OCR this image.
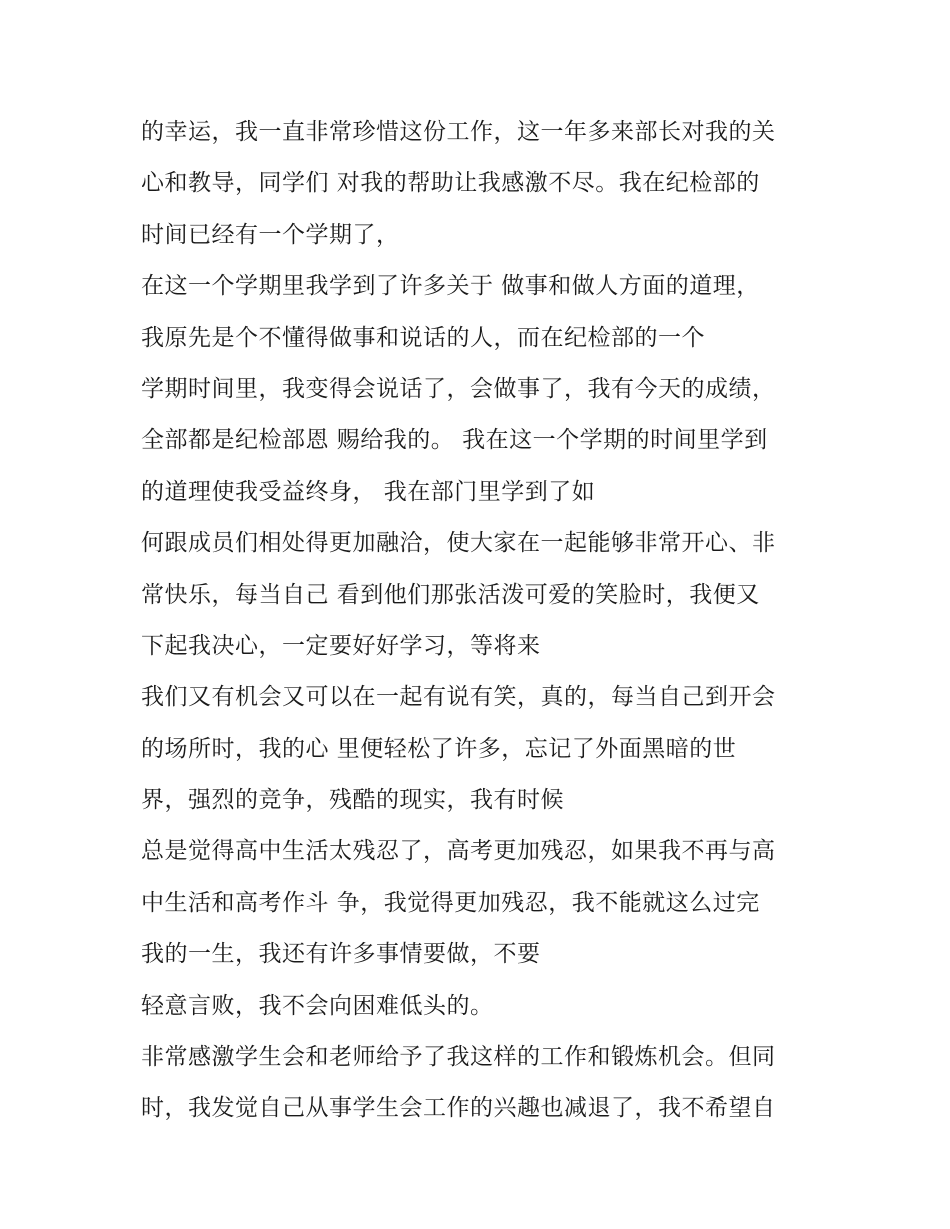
的幸运，我一直非常珍惜这份工作，这一年多来部长对我的关
心和教导，同学们 对我的帮助让我感激不尽。我在纪检部的
时间已经有一个学期了，
在这一个学期里我学到了许多关于 做事和做人方面的道理，
我原先是个不懂得做事和说话的人，而在纪检部的一个
学期时间里，我变得会说话了，会做事了，我有今天的成绩，
全部都是纪检部恩 赐给我的。 我在这一个学期的时间里学到
的道理使我受益终身， 我在部门里学到了如
何跟成员们相处得更加融洽，使大家在一起能够非常开心、非
常快乐，每当自己 看到他们那张活泼可爱的笑脸时，我便又
下起我决心，一定要好好学习，等将来
我们又有机会又可以在一起有说有笑，真的，每当自己到开会
的场所时，我的心 里便轻松了许多，忘记了外面黑暗的世
界，强烈的竞争，残酷的现实，我有时候
总是觉得高中生活太残忍了，高考更加残忍，如果我不再与高
中生活和高考作斗 争，我觉得更加残忍，我不能就这么过完
我的一生，我还有许多事情要做，不要
轻意言败，我不会向困难低头的。
非常感激学生会和老师给予了我这样的工作和锻炼机会。但同
时，我发觉自己从事学生会工作的兴趣也减退了，我不希望自
